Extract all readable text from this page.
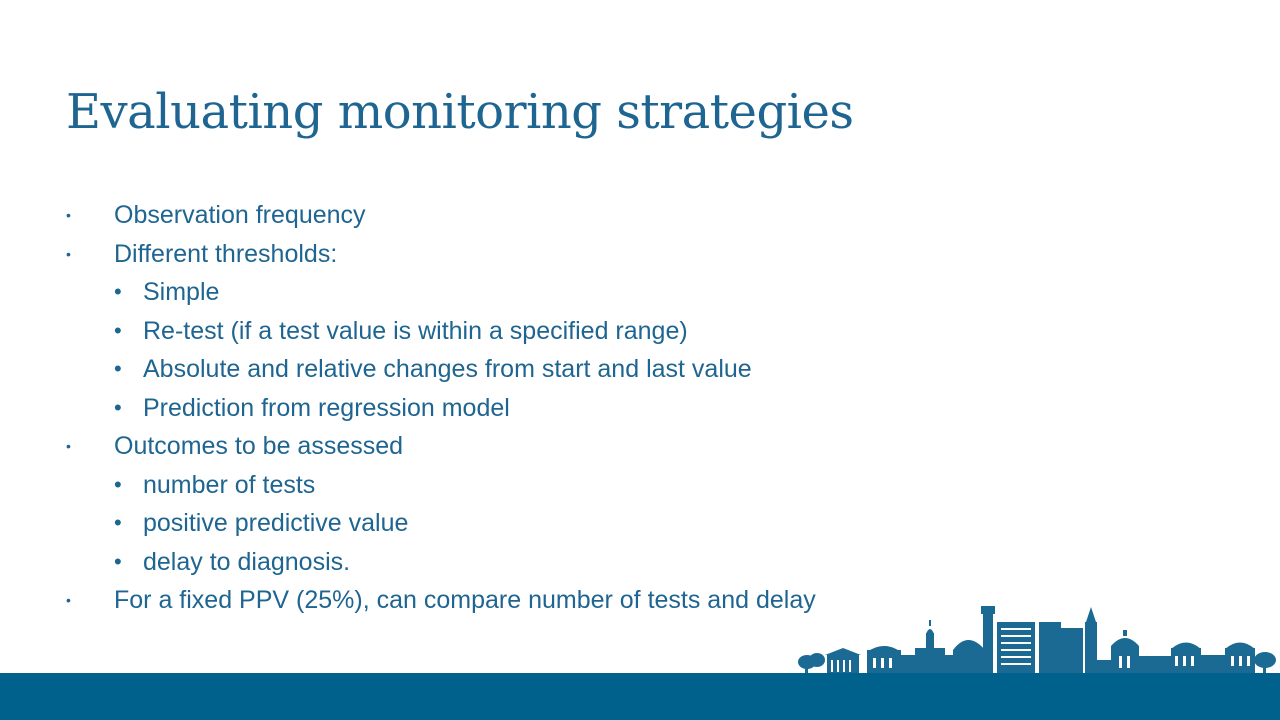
Evaluating monitoring strategies
• Observation frequency
• Different thresholds:
• Simple
• Re-test (if a test value is within a specified range)
• Absolute and relative changes from start and last value
• Prediction from regression model
• Outcomes to be assessed
• number of tests
• positive predictive value
• delay to diagnosis.
• For a fixed PPV (25%), can compare number of tests and delay
